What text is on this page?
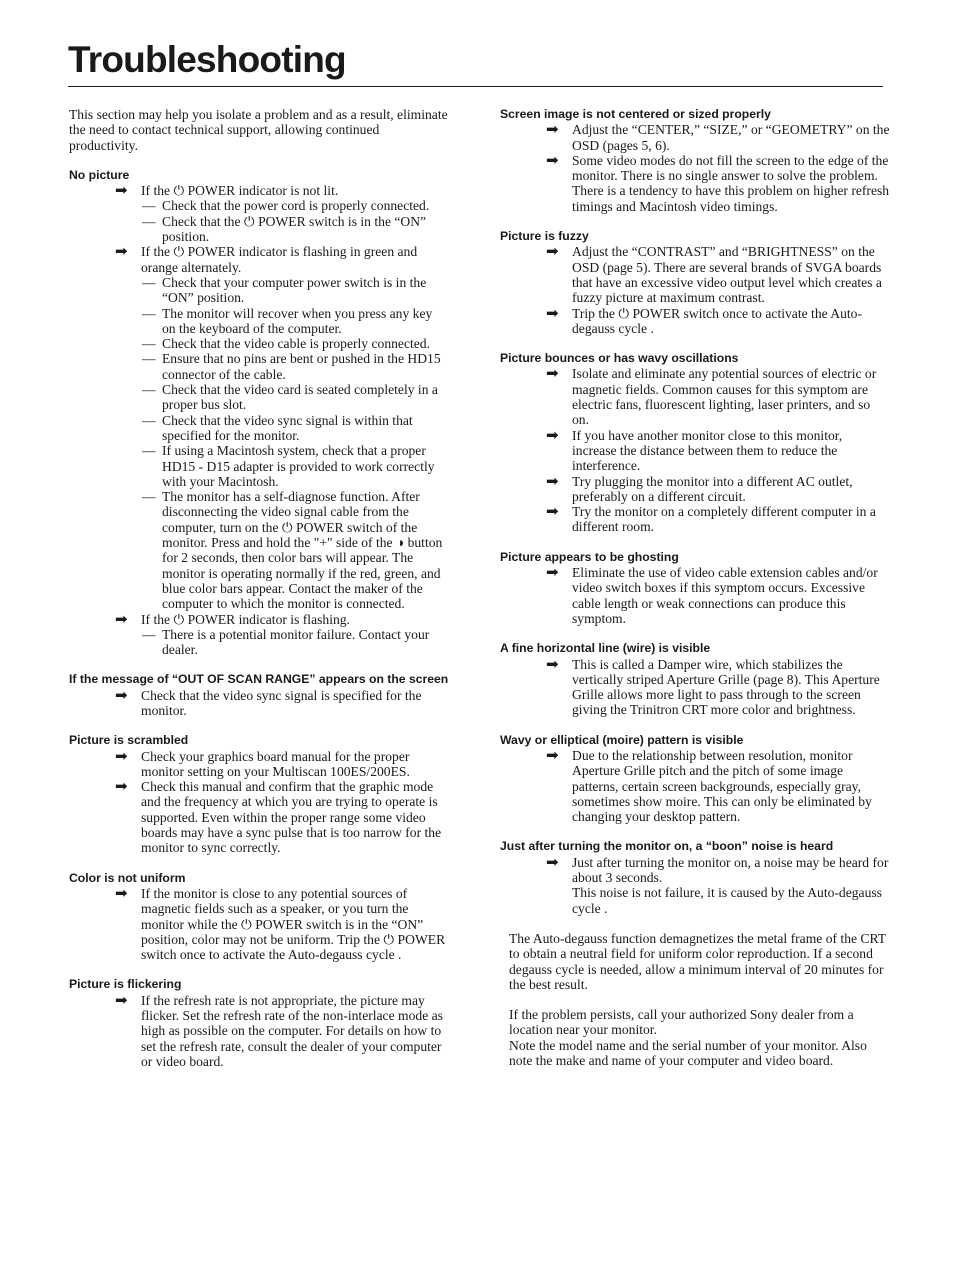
Troubleshooting

This section may help you isolate a problem and as a result, eliminate the need to contact technical support, allowing continued productivity.

No picture
➡ If the ⏻ POWER indicator is not lit.
— Check that the power cord is properly connected.
— Check that the ⏻ POWER switch is in the “ON” position.
➡ If the ⏻ POWER indicator is flashing in green and orange alternately.
— Check that your computer power switch is in the “ON” position.
— The monitor will recover when you press any key on the keyboard of the computer.
— Check that the video cable is properly connected.
— Ensure that no pins are bent or pushed in the HD15 connector of the cable.
— Check that the video card is seated completely in a proper bus slot.
— Check that the video sync signal is within that specified for the monitor.
— If using a Macintosh system, check that a proper HD15 - D15 adapter is provided to work correctly with your Macintosh.
— The monitor has a self-diagnose function. After disconnecting the video signal cable from the computer, turn on the ⏻ POWER switch of the monitor. Press and hold the "+" side of the ◑ button for 2 seconds, then color bars will appear. The monitor is operating normally if the red, green, and blue color bars appear. Contact the maker of the computer to which the monitor is connected.
➡ If the ⏻ POWER indicator is flashing.
— There is a potential monitor failure. Contact your dealer.
If the message of “OUT OF SCAN RANGE” appears on the screen
➡ Check that the video sync signal is specified for the monitor.
Picture is scrambled
➡ Check your graphics board manual for the proper monitor setting on your Multiscan 100ES/200ES.
➡ Check this manual and confirm that the graphic mode and the frequency at which you are trying to operate is supported. Even within the proper range some video boards may have a sync pulse that is too narrow for the monitor to sync correctly.
Color is not uniform
➡ If the monitor is close to any potential sources of magnetic fields such as a speaker, or you turn the monitor while the ⏻ POWER switch is in the “ON” position, color may not be uniform. Trip the ⏻ POWER switch once to activate the Auto-degauss cycle .
Picture is flickering
➡ If the refresh rate is not appropriate, the picture may flicker. Set the refresh rate of the non-interlace mode as high as possible on the computer. For details on how to set the refresh rate, consult the dealer of your computer or video board.
Screen image is not centered or sized properly
➡ Adjust the “CENTER,” “SIZE,” or “GEOMETRY” on the OSD (pages 5, 6).
➡ Some video modes do not fill the screen to the edge of the monitor. There is no single answer to solve the problem. There is a tendency to have this problem on higher refresh timings and Macintosh video timings.
Picture is fuzzy
➡ Adjust the “CONTRAST” and “BRIGHTNESS” on the OSD (page 5). There are several brands of SVGA boards that have an excessive video output level which creates a fuzzy picture at maximum contrast.
➡ Trip the ⏻ POWER switch once to activate the Auto-degauss cycle .
Picture bounces or has wavy oscillations
➡ Isolate and eliminate any potential sources of electric or magnetic fields. Common causes for this symptom are electric fans, fluorescent lighting, laser printers, and so on.
➡ If you have another monitor close to this monitor, increase the distance between them to reduce the interference.
➡ Try plugging the monitor into a different AC outlet, preferably on a different circuit.
➡ Try the monitor on a completely different computer in a different room.
Picture appears to be ghosting
➡ Eliminate the use of video cable extension cables and/or video switch boxes if this symptom occurs. Excessive cable length or weak connections can produce this symptom.
A fine horizontal line (wire) is visible
➡ This is called a Damper wire, which stabilizes the vertically striped Aperture Grille (page 8). This Aperture Grille allows more light to pass through to the screen giving the Trinitron CRT more color and brightness.
Wavy or elliptical (moire) pattern is visible
➡ Due to the relationship between resolution, monitor Aperture Grille pitch and the pitch of some image patterns, certain screen backgrounds, especially gray, sometimes show moire. This can only be eliminated by changing your desktop pattern.
Just after turning the monitor on, a “boon” noise is heard
➡ Just after turning the monitor on, a noise may be heard for about 3 seconds.
This noise is not failure, it is caused by the Auto-degauss cycle .

The Auto-degauss function demagnetizes the metal frame of the CRT to obtain a neutral field for uniform color reproduction. If a second degauss cycle is needed, allow a minimum interval of 20 minutes for the best result.

If the problem persists, call your authorized Sony dealer from a location near your monitor.

Note the model name and the serial number of your monitor. Also note the make and name of your computer and video board.
